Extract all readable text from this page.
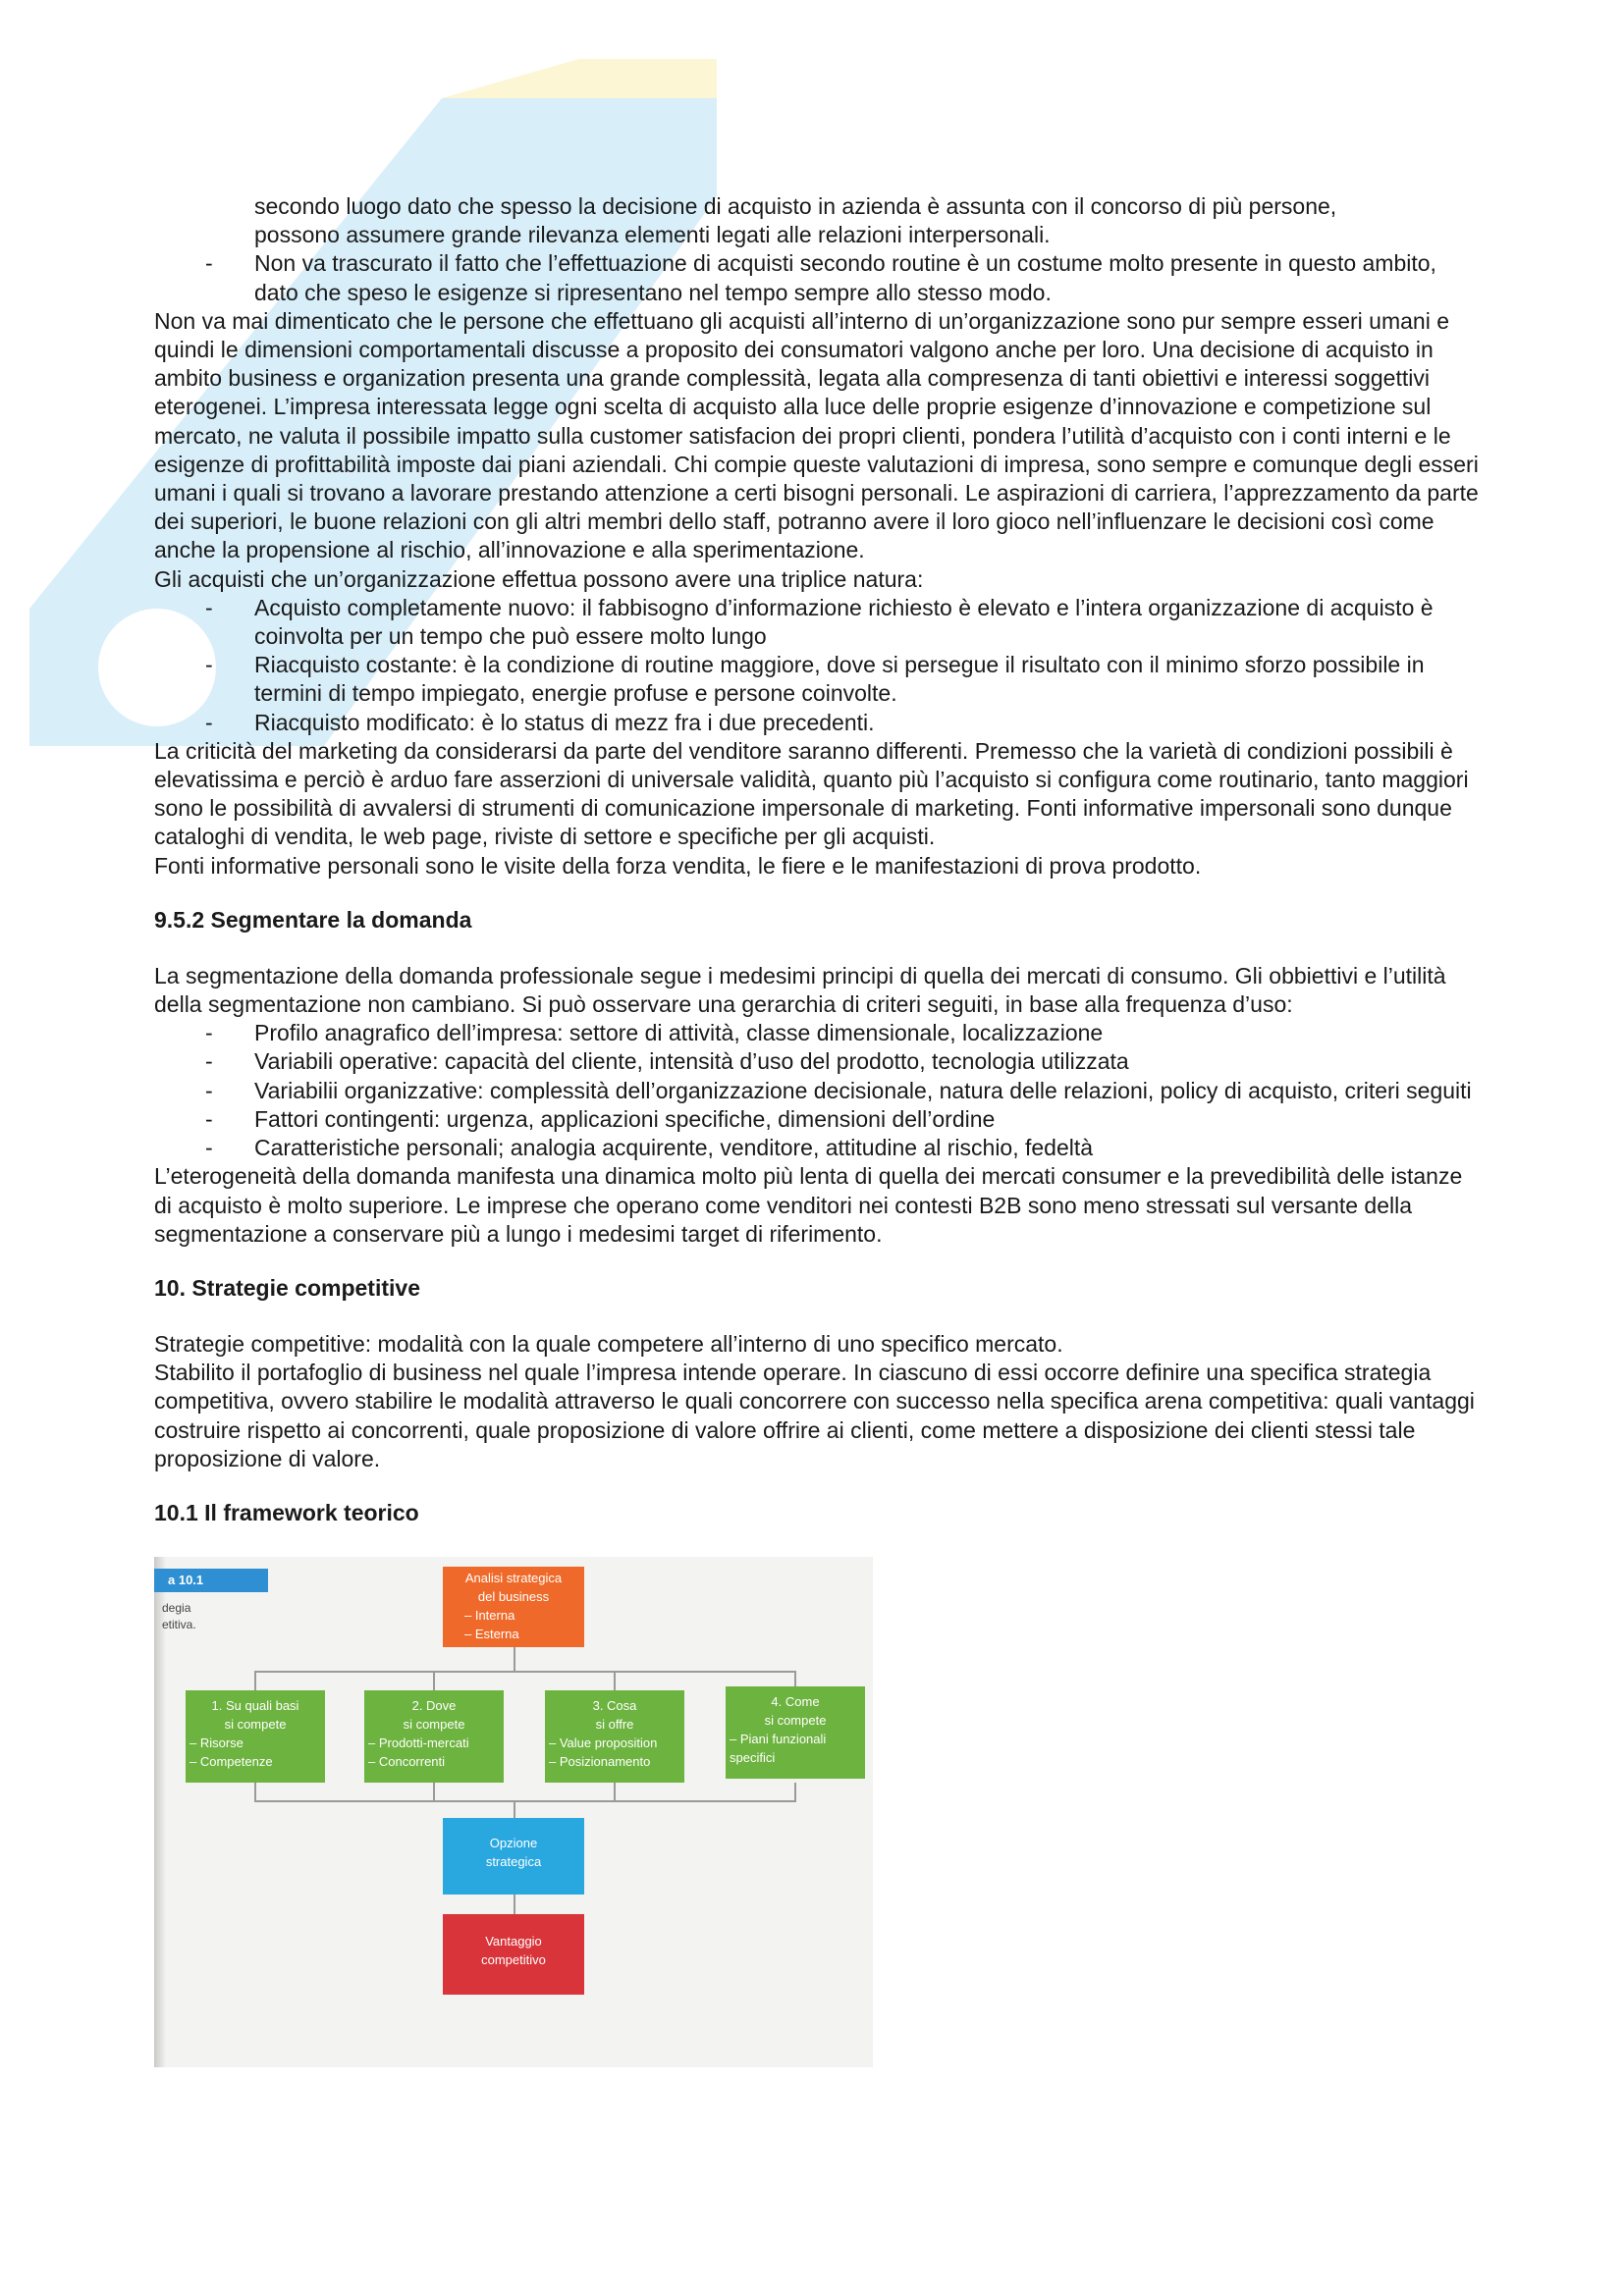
secondo luogo dato che spesso la decisione di acquisto in azienda è assunta con il concorso di più persone,

possono assumere grande rilevanza elementi legati alle relazioni interpersonali.

- Non va trascurato il fatto che l’effettuazione di acquisti secondo routine è un costume molto presente in questo ambito, dato che speso le esigenze si ripresentano nel tempo sempre allo stesso modo.

Non va mai dimenticato che le persone che effettuano gli acquisti all’interno di un’organizzazione sono pur sempre esseri umani e quindi le dimensioni comportamentali discusse a proposito dei consumatori valgono anche per loro. Una decisione di acquisto in ambito business e organization presenta una grande complessità, legata alla compresenza di tanti obiettivi e interessi soggettivi eterogenei. L’impresa interessata legge ogni scelta di acquisto alla luce delle proprie esigenze d’innovazione e competizione sul mercato, ne valuta il possibile impatto sulla customer satisfacion dei propri clienti, pondera l’utilità d’acquisto con i conti interni e le esigenze di profittabilità imposte dai piani aziendali. Chi compie queste valutazioni di impresa, sono sempre e comunque degli esseri umani i quali si trovano a lavorare prestando attenzione a certi bisogni personali. Le aspirazioni di carriera, l’apprezzamento da parte dei superiori, le buone relazioni con gli altri membri dello staff, potranno avere il loro gioco nell’influenzare le decisioni così come anche la propensione al rischio, all’innovazione e alla sperimentazione.

Gli acquisti che un’organizzazione effettua possono avere una triplice natura:

- Acquisto completamente nuovo: il fabbisogno d’informazione richiesto è elevato e l’intera organizzazione di acquisto è coinvolta per un tempo che può essere molto lungo
- Riacquisto costante: è la condizione di routine maggiore, dove si persegue il risultato con il minimo sforzo possibile in termini di tempo impiegato, energie profuse e persone coinvolte.
- Riacquisto modificato: è lo status di mezz fra i due precedenti.

La criticità del marketing da considerarsi da parte del venditore saranno differenti. Premesso che la varietà di condizioni possibili è elevatissima e perciò è arduo fare asserzioni di universale validità, quanto più l’acquisto si configura come routinario, tanto maggiori sono le possibilità di avvalersi di strumenti di comunicazione impersonale di marketing. Fonti informative impersonali sono dunque cataloghi di vendita, le web page, riviste di settore e specifiche per gli acquisti.

Fonti informative personali sono le visite della forza vendita, le fiere e le manifestazioni di prova prodotto.

9.5.2 Segmentare la domanda

La segmentazione della domanda professionale segue i medesimi principi di quella dei mercati di consumo. Gli obbiettivi e l’utilità della segmentazione non cambiano. Si può osservare una gerarchia di criteri seguiti, in base alla frequenza d’uso:

- Profilo anagrafico dell’impresa: settore di attività, classe dimensionale, localizzazione
- Variabili operative: capacità del cliente, intensità d’uso del prodotto, tecnologia utilizzata
- Variabilii organizzative: complessità dell’organizzazione decisionale, natura delle relazioni, policy di acquisto, criteri seguiti
- Fattori contingenti: urgenza, applicazioni specifiche, dimensioni dell’ordine
- Caratteristiche personali; analogia acquirente, venditore, attitudine al rischio, fedeltà

L’eterogeneità della domanda manifesta una dinamica molto più lenta di quella dei mercati consumer e la prevedibilità delle istanze di acquisto è molto superiore. Le imprese che operano come venditori nei contesti B2B sono meno stressati sul versante della segmentazione a conservare più a lungo i medesimi target di riferimento.

10. Strategie competitive

Strategie competitive: modalità con la quale competere all’interno di uno specifico mercato.

Stabilito il portafoglio di business nel quale l’impresa intende operare. In ciascuno di essi occorre definire una specifica strategia competitiva, ovvero stabilire le modalità attraverso le quali concorrere con successo nella specifica arena competitiva: quali vantaggi costruire rispetto ai concorrenti, quale proposizione di valore offrire ai clienti, come mettere a disposizione dei clienti stessi tale proposizione di valore.

10.1 Il framework teorico
a 10.1
degia
etitiva.
Analisi strategica
del business
– Interna
– Esterna
1. Su quali basi
si compete
– Risorse
– Competenze
2. Dove
si compete
– Prodotti-mercati
– Concorrenti
3. Cosa
si offre
– Value proposition
– Posizionamento
4. Come
si compete
– Piani funzionali
specifici
Opzione
strategica
Vantaggio
competitivo
